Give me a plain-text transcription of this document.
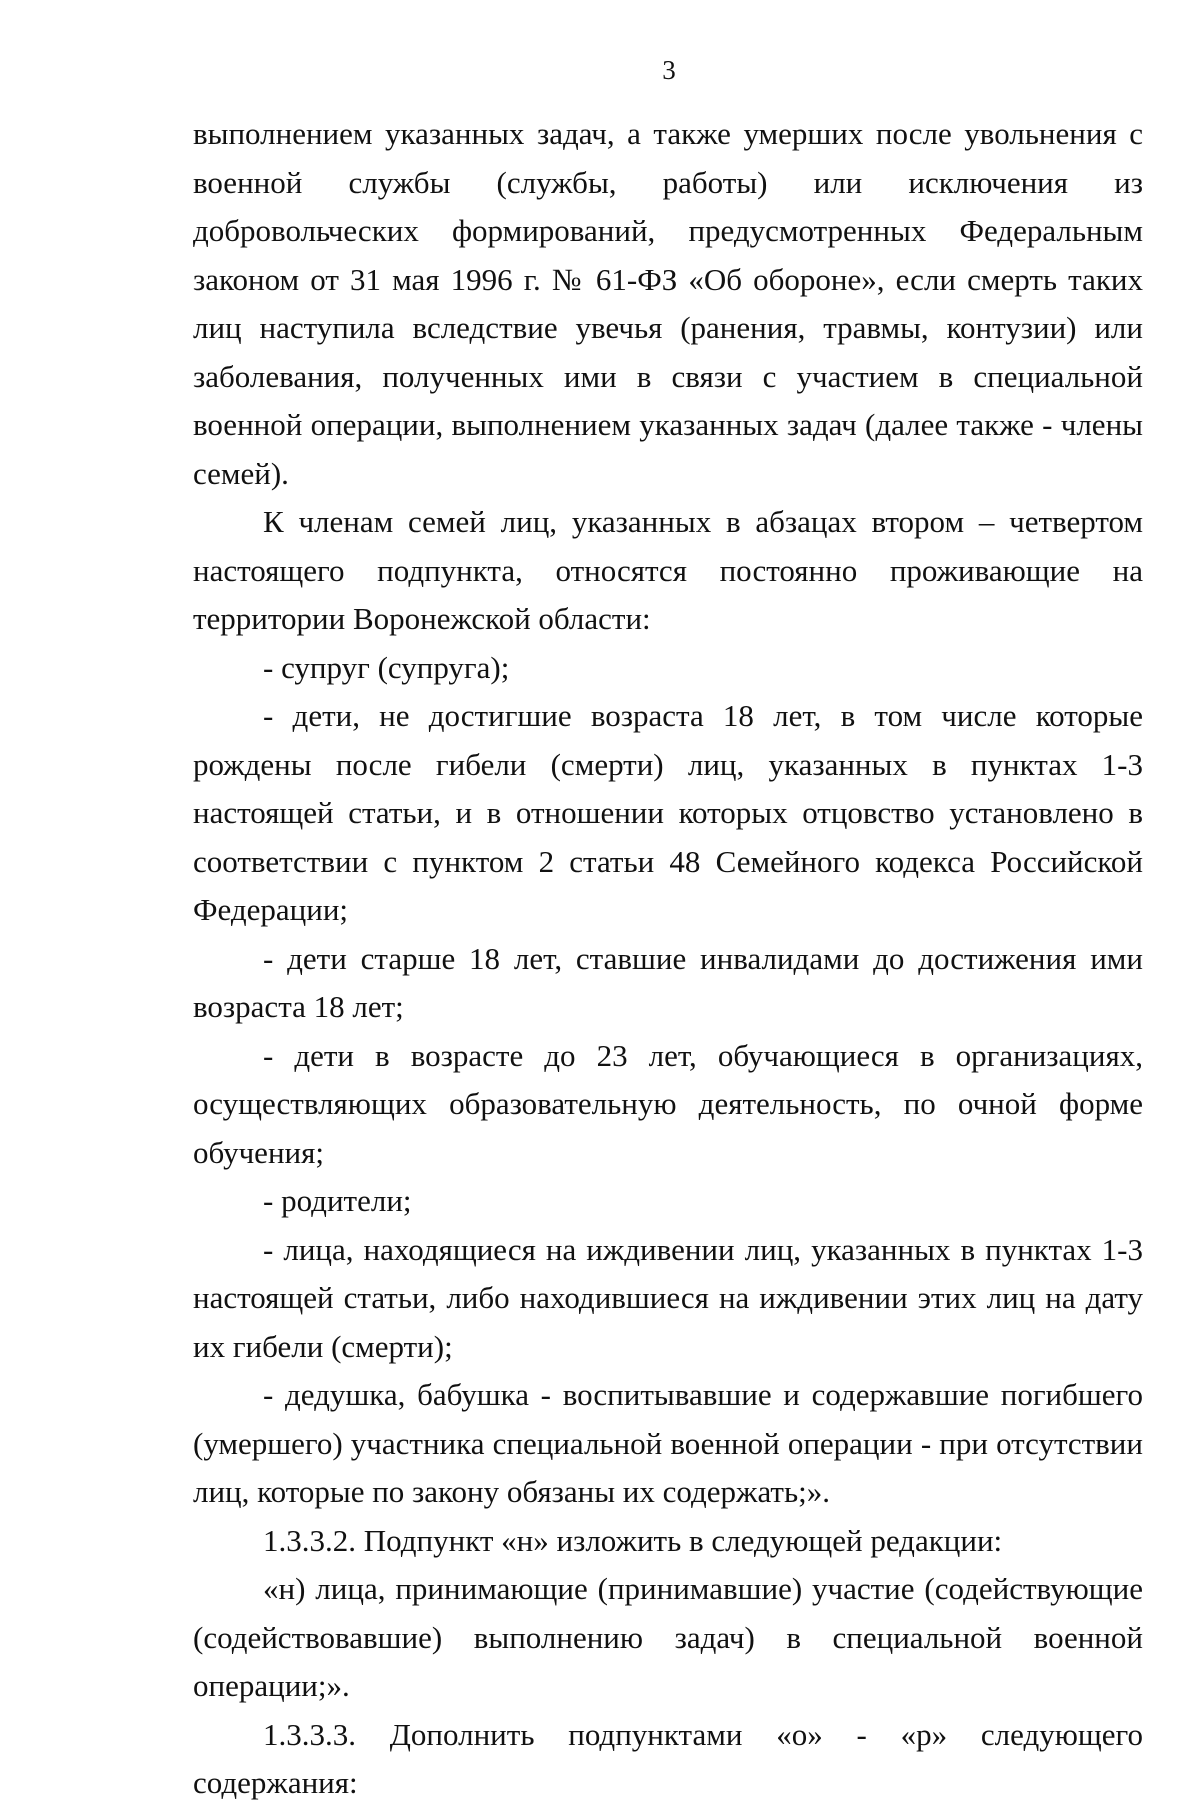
3

выполнением указанных задач, а также умерших после увольнения с военной службы (службы, работы) или исключения из добровольческих формирований, предусмотренных Федеральным законом от 31 мая 1996 г. № 61-ФЗ «Об обороне», если смерть таких лиц наступила вследствие увечья (ранения, травмы, контузии) или заболевания, полученных ими в связи с участием в специальной военной операции, выполнением указанных задач (далее также - члены семей).

К членам семей лиц, указанных в абзацах втором – четвертом настоящего подпункта, относятся постоянно проживающие на территории Воронежской области:

- супруг (супруга);

- дети, не достигшие возраста 18 лет, в том числе которые рождены после гибели (смерти) лиц, указанных в пунктах 1-3 настоящей статьи, и в отношении которых отцовство установлено в соответствии с пунктом 2 статьи 48 Семейного кодекса Российской Федерации;

- дети старше 18 лет, ставшие инвалидами до достижения ими возраста 18 лет;

- дети в возрасте до 23 лет, обучающиеся в организациях, осуществляющих образовательную деятельность, по очной форме обучения;

- родители;

- лица, находящиеся на иждивении лиц, указанных в пунктах 1-3 настоящей статьи, либо находившиеся на иждивении этих лиц на дату их гибели (смерти);

- дедушка, бабушка - воспитывавшие и содержавшие погибшего (умершего) участника специальной военной операции - при отсутствии лиц, которые по закону обязаны их содержать;».

1.3.3.2. Подпункт «н» изложить в следующей редакции:

«н) лица, принимающие (принимавшие) участие (содействующие (содействовавшие) выполнению задач) в специальной военной операции;».

1.3.3.3. Дополнить подпунктами «о» - «р» следующего содержания:
